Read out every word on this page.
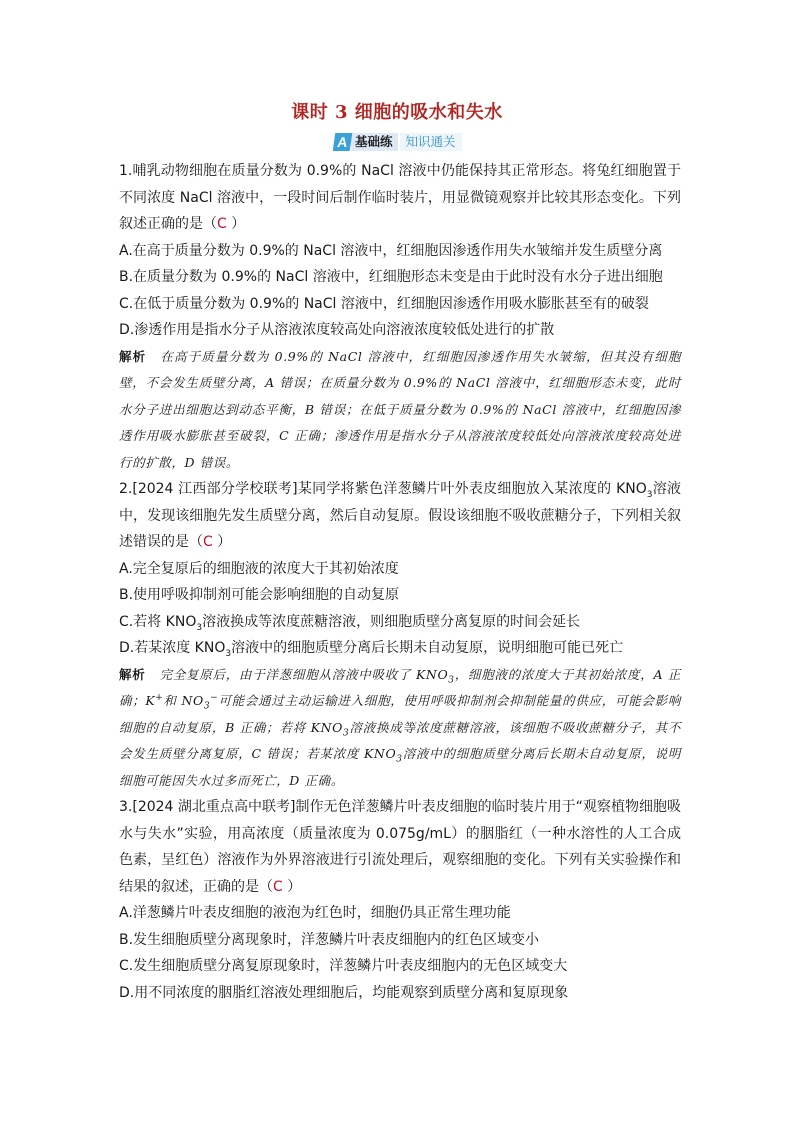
课时 3 细胞的吸水和失水
A 基础练	知识通关

1.哺乳动物细胞在质量分数为 0.9%的 NaCl 溶液中仍能保持其正常形态。将兔红细胞置于不同浓度 NaCl 溶液中，一段时间后制作临时装片，用显微镜观察并比较其形态变化。下列叙述正确的是（C ）

A.在高于质量分数为 0.9%的 NaCl 溶液中，红细胞因渗透作用失水皱缩并发生质壁分离

B.在质量分数为 0.9%的 NaCl 溶液中，红细胞形态未变是由于此时没有水分子进出细胞

C.在低于质量分数为 0.9%的 NaCl 溶液中，红细胞因渗透作用吸水膨胀甚至有的破裂

D.渗透作用是指水分子从溶液浓度较高处向溶液浓度较低处进行的扩散

解析 在高于质量分数为 0.9%的 NaCl 溶液中，红细胞因渗透作用失水皱缩，但其没有细胞壁，不会发生质壁分离，A 错误；在质量分数为 0.9%的 NaCl 溶液中，红细胞形态未变，此时水分子进出细胞达到动态平衡，B 错误；在低于质量分数为 0.9%的 NaCl 溶液中，红细胞因渗透作用吸水膨胀甚至破裂，C 正确；渗透作用是指水分子从溶液浓度较低处向溶液浓度较高处进行的扩散，D 错误。

2.[2024 江西部分学校联考]某同学将紫色洋葱鳞片叶外表皮细胞放入某浓度的 $KNO_3$溶液中，发现该细胞先发生质壁分离，然后自动复原。假设该细胞不吸收蔗糖分子，下列相关叙述错误的是（C ）

A.完全复原后的细胞液的浓度大于其初始浓度

B.使用呼吸抑制剂可能会影响细胞的自动复原

C.若将 $KNO_3$溶液换成等浓度蔗糖溶液，则细胞质壁分离复原的时间会延长

D.若某浓度 $KNO_3$溶液中的细胞质壁分离后长期未自动复原，说明细胞可能已死亡

解析 完全复原后，由于洋葱细胞从溶液中吸收了 $KNO_3$，细胞液的浓度大于其初始浓度，A 正确；K+和 $NO_3^-$可能会通过主动运输进入细胞，使用呼吸抑制剂会抑制能量的供应，可能会影响细胞的自动复原，B 正确；若将 $KNO_3$溶液换成等浓度蔗糖溶液，该细胞不吸收蔗糖分子，其不会发生质壁分离复原，C 错误；若某浓度 $KNO_3$溶液中的细胞质壁分离后长期未自动复原，说明细胞可能因失水过多而死亡，D 正确。

3.[2024 湖北重点高中联考]制作无色洋葱鳞片叶表皮细胞的临时装片用于“观察植物细胞吸水与失水”实验，用高浓度（质量浓度为 0.075g/mL）的胭脂红（一种水溶性的人工合成色素，呈红色）溶液作为外界溶液进行引流处理后，观察细胞的变化。下列有关实验操作和结果的叙述，正确的是（C ）

A.洋葱鳞片叶表皮细胞的液泡为红色时，细胞仍具正常生理功能

B.发生细胞质壁分离现象时，洋葱鳞片叶表皮细胞内的红色区域变小

C.发生细胞质壁分离复原现象时，洋葱鳞片叶表皮细胞内的无色区域变大

D.用不同浓度的胭脂红溶液处理细胞后，均能观察到质壁分离和复原现象
